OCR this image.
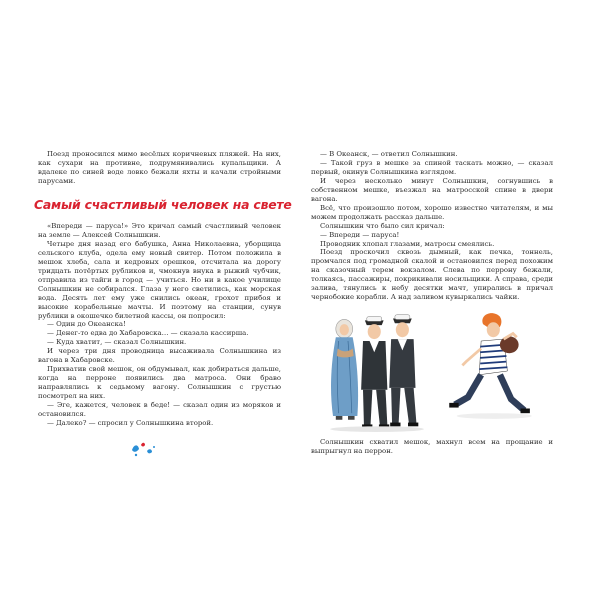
Поезд проносился мимо весёлых коричневых пляжей. На них, как сухари на противне, подрумянивались купальщики. А вдалеке по синей воде ловко бежали яхты и качали стройными парусами.

Самый счастливый человек на свете

«Впереди — паруса!» Это кричал самый счастливый человек на земле — Алексей Солнышкин.

Четыре дня назад его бабушка, Анна Николаевна, уборщица сельского клуба, одела ему новый свитер. Потом положила в мешок хлеба, сала и кедровых орешков, отсчитала на дорогу тридцать потёртых рубликов и, чмокнув внука в рыжий чубчик, отправила из тайги в город — учиться. Но ни в какое училище Солнышкин не собирался. Глаза у него светились, как морская вода. Десять лет ему уже снились океан, грохот прибоя и высокие корабельные мачты. И поэтому на станции, сунув рублики в окошечко билетной кассы, он попросил:

— Один до Океанска!

— Денег-то едва до Хабаровска… — сказала кассирша.

— Куда хватит, — сказал Солнышкин.

И через три дня проводница высаживала Солнышкина из вагона в Хабаровске.

Прихватив свой мешок, он обдумывал, как добираться дальше, когда на перроне появились два матроса. Они браво направлялись к седьмому вагону. Солнышкин с грустью посмотрел на них.

— Эге, кажется, человек в беде! — сказал один из моряков и остановился.

— Далеко? — спросил у Солнышкина второй.

— В Океанск, — ответил Солнышкин.

— Такой груз в мешке за спиной таскать можно, — сказал первый, окинув Солнышкина взглядом.

И через несколько минут Солнышкин, согнувшись в собственном мешке, въезжал на матросской спине в двери вагона.

Всё, что произошло потом, хорошо известно читателям, и мы можем продолжать рассказ дальше.

Солнышкин что было сил кричал:

— Впереди — паруса!

Проводник хлопал глазами, матросы смеялись.

Поезд проскочил сквозь дымный, как печка, тоннель, промчался под громадной скалой и остановился перед похожим на сказочный терем вокзалом. Слева по перрону бежали, толкаясь, пассажиры, покрикивали носильщики. А справа, среди залива, тянулись к небу десятки мачт, упирались в причал чернобокие корабли. А над заливом кувыркались чайки.

Солнышкин схватил мешок, махнул всем на прощание и выпрыгнул на перрон.
